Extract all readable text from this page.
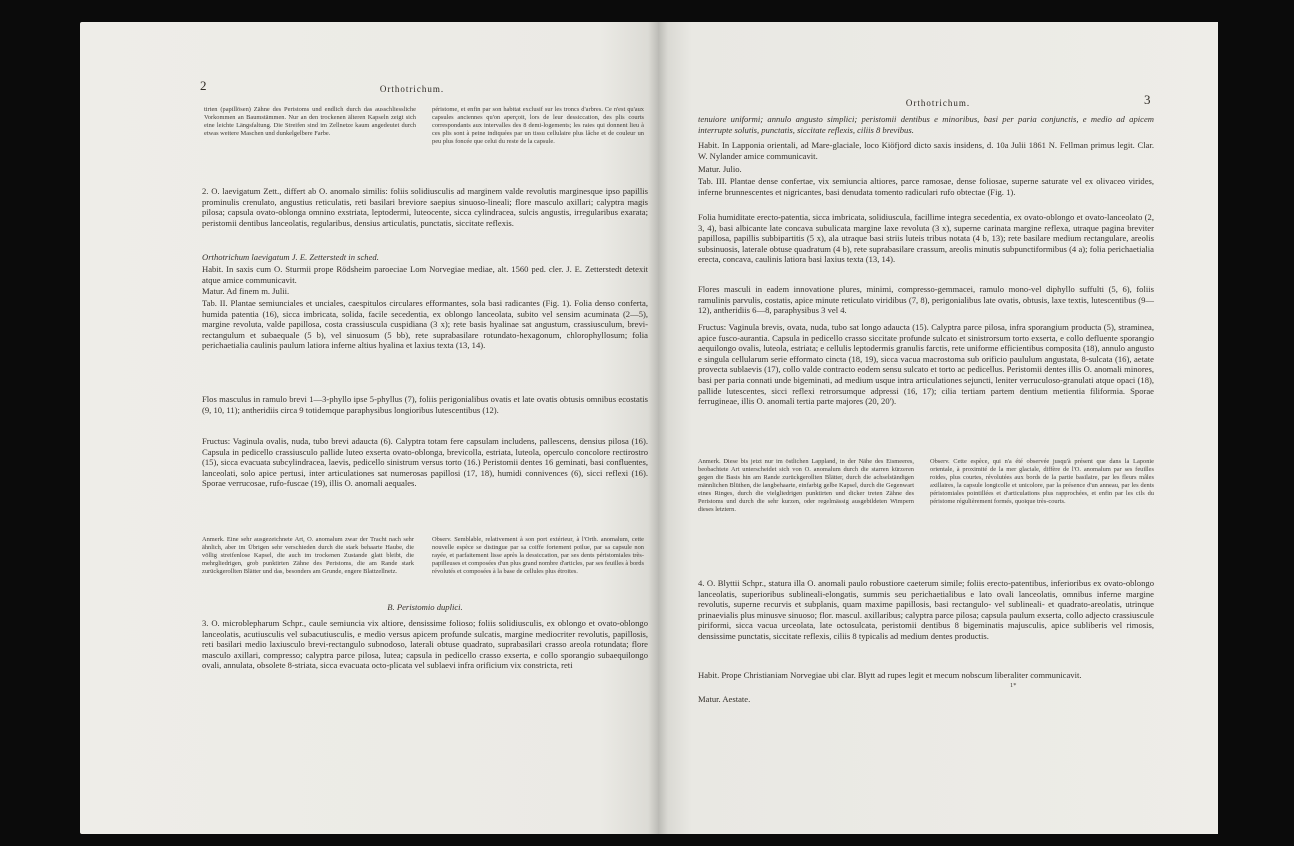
2	Orthotrichum.
tirten (papillösen) Zähne des Peristoms und endlich durch das ausschliessliche Vorkommen an Baumstämmen. Nur an den trockenen älteren Kapseln zeigt sich eine leichte Längsfaltung. Die Streifen sind im Zellnetze kaum angedeutet durch etwas weitere Maschen und dunkelgelbere Farbe.
péristome, et enfin par son habitat exclusif sur les troncs d'arbres. Ce n'est qu'aux capsules anciennes qu'on aperçoit, lors de leur dessiccation, des plis courts correspondants aux intervalles des 8 demi-logements; les raies qui donnent lieu à ces plis sont à peine indiquées par un tissu cellulaire plus lâche et de couleur un peu plus foncée que celui du reste de la capsule.
2. O. laevigatum Zett., differt ab O. anomalo similis: foliis solidiusculis ad marginem valde revolutis marginesque ipso papillis prominulis crenulato, angustius reticulatis, reti basilari breviore saepius sinuoso-lineali; flore masculo axillari; calyptra magis pilosa; capsula ovato-oblonga omnino exstriata, leptodermi, luteocente, sicca cylindracea, sulcis angustis, irregularibus exarata; peristomii dentibus lanceolatis, regularibus, densius articulatis, punctatis, siccitate reflexis.
Orthotrichum laevigatum J. E. Zetterstedt in sched.
Habit. In saxis cum O. Sturmii prope Rödsheim paroeciae Lom Norvegiae mediae, alt. 1560 ped. cler. J. E. Zetterstedt detexit atque amice communicavit.
Matur. Ad finem m. Julii.
Tab. II. Plantae semiunciales et unciales, caespitulos circulares efformantes, sola basi radicantes (Fig. 1). Folia denso conferta, humida patentia (16), sicca imbricata, solida, facile secedentia, ex oblongo lanceolata, subito vel sensim acuminata (2—5), margine revoluta, valde papillosa, costa crassiuscula cuspidiana (3 x); rete basis hyalinae sat angustum, crassiusculum, brevi-rectangulum et subaequale (5 b), vel sinuosum (5 bb), rete suprabasilare rotundato-hexagonum, chlorophyllosum; folia perichaetialia caulinis paulum latiora inferne altius hyalina et laxius texta (13, 14).
Flos masculus in ramulo brevi 1—3-phyllo ipse 5-phyllus (7), foliis perigonialibus ovatis et late ovatis obtusis omnibus ecostatis (9, 10, 11); antheridiis circa 9 totidemque paraphysibus longioribus lutescentibus (12).
Fructus: Vaginula ovalis, nuda, tubo brevi adaucta (6). Calyptra totam fere capsulam includens, pallescens, densius pilosa (16). Capsula in pedicello crassiusculo pallide luteo exserta ovato-oblonga, brevicolla, estriata, luteola, operculo concolore rectirostro (15), sicca evacuata subcylindracea, laevis, pedicello sinistrum versus torto (16.) Peristomii dentes 16 geminati, basi confluentes, lanceolati, solo apice pertusi, inter articulationes sat numerosas papillosi (17, 18), humidi connivences (6), sicci reflexi (16). Sporae verrucosae, rufo-fuscae (19), illis O. anomali aequales.
Anmerk. Eine sehr ausgezeichnete Art, O. anomalum zwar der Tracht nach sehr ähnlich, aber im Übrigen sehr verschieden durch die stark behaarte Haube, die völlig streifenlose Kapsel, die auch im trockenen Zustande glatt bleibt, die mehrgliedrigen, grob punktirten Zähne des Peristoms, die am Rande stark zurückgerollten Blätter und das, besonders am Grunde, engere Blattzellnetz.
Observ. Semblable, relativement à son port extérieur, à l'Orth. anomalum, cette nouvelle espèce se distingue par sa coiffe fortement poilue, par sa capsule non rayée, et parfaitement lisse après la dessiccation, par ses dents péristomiales très-papilleuses et composées d'un plus grand nombre d'articles, par ses feuilles à bords révolutés et composées à la base de cellules plus étroites.
B. Peristomio duplici.
3. O. microblepharum Schpr., caule semiuncia vix altiore, densissime folioso; foliis solidiusculis, ex oblongo et ovato-oblongo lanceolatis, acutiusculis vel subacutiusculis, e medio versus apicem profunde sulcatis, margine mediocriter revolutis, papillosis, reti basilari medio laxiusculo brevi-rectangulo subnodoso, laterali obtuse quadrato, suprabasilari crasso areola rotundata; flore masculo axillari, compresso; calyptra parce pilosa, lutea; capsula in pedicello crasso exserta, e collo sporangio subaequilongo ovali, annulata, obsolete 8-striata, sicca evacuata octo-plicata vel sublaevi infra orificium vix constricta, reti
Orthotrichum.	3
tenuiore uniformi; annulo angusto simplici; peristomii dentibus e minoribus, basi per paria conjunctis, e medio ad apicem interrupte solutis, punctatis, siccitate reflexis, ciliis 8 brevibus.
Habit. In Lapponia orientali, ad Mare-glaciale, loco Kiöfjord dicto saxis insidens, d. 10a Julii 1861 N. Fellman primus legit. Clar. W. Nylander amice communicavit.
Matur. Julio.
Tab. III. Plantae dense confertae, vix semiuncia altiores, parce ramosae, dense foliosae, superne saturate vel ex olivaceo virides, inferne brunnescentes et nigricantes, basi denudata tomento radiculari rufo obtectae (Fig. 1).
Folia humiditate erecto-patentia, sicca imbricata, solidiuscula, facillime integra secedentia, ex ovato-oblongo et ovato-lanceolato (2, 3, 4), basi albicante late concava subulicata margine laxe revoluta (3 x), superne carinata margine reflexa, utraque pagina breviter papillosa, papillis subbipartitis (5 x), ala utraque basi striis luteis tribus notata (4 b, 13); rete basilare medium rectangulare, areolis subsinuosis, laterale obtuse quadratum (4 b), rete suprabasilare crassum, areolis minutis subpunctiformibus (4 a); folia perichaetialia erecta, concava, caulinis latiora basi laxius texta (13, 14).
Flores masculi in eadem innovatione plures, minimi, compresso-gemmacei, ramulo mono-vel diphyllo suffulti (5, 6), foliis ramulinis parvulis, costatis, apice minute reticulato viridibus (7, 8), perigonialibus late ovatis, obtusis, laxe textis, lutescentibus (9—12), antheridiis 6—8, paraphysibus 3 vel 4.
Fructus: Vaginula brevis, ovata, nuda, tubo sat longo adaucta (15). Calyptra parce pilosa, infra sporangium producta (5), straminea, apice fusco-aurantia. Capsula in pedicello crasso siccitate profunde sulcato et sinistrorsum torto exserta, e collo defluente sporangio aequilongo ovalis, luteola, estriata; e cellulis leptodermis granulis farctis, rete uniforme efficientibus composita (18), annulo angusto e singula cellularum serie efformato cincta (18, 19), sicca vacua macrostoma sub orificio paululum angustata, 8-sulcata (16), aetate provecta sublaevis (17), collo valde contracto eodem sensu sulcato et torto ac pedicellus. Peristomii dentes illis O. anomali minores, basi per paria connati unde bigeminati, ad medium usque intra articulationes sejuncti, leniter verruculoso-granulati atque opaci (18), pallide lutescentes, sicci reflexi retrorsumque adpressi (16, 17); cilia tertiam partem dentium metientia filiformia. Sporae ferrugineae, illis O. anomali tertia parte majores (20, 20').
Anmerk. Diese bis jetzt nur im östlichen Lappland, in der Nähe des Eismeeres, beobachtete Art unterscheidet sich von O. anomalum durch die starren kürzeren gegen die Basis hin am Rande zurückgerollten Blätter, durch die achselständigen männlichen Blüthen, die langbehaarte, einfarbig gelbe Kapsel, durch die Gegenwart eines Ringes, durch die vielgliedrigen punktirten und dicker treten Zähne des Peristoms und durch die sehr kurzen, oder regelmässig ausgebildeten Wimpern dieses letztern.
Observ. Cette espèce, qui n'a été observée jusqu'à présent que dans la Laponie orientale, à proximité de la mer glaciale, diffère de l'O. anomalum par ses feuilles roides, plus courtes, révolutées aux bords de la partie basilaire, par les fleurs mâles axillaires, la capsule longicolle et unicolore, par la présence d'un anneau, par les dents péristomiales pointillées et d'articulations plus rapprochées, et enfin par les cils du péristome régulièrement formés, quoique très-courts.
4. O. Blyttii Schpr., statura illa O. anomali paulo robustiore caeterum simile; foliis erecto-patentibus, inferioribus ex ovato-oblongo lanceolatis, superioribus sublineali-elongatis, summis seu perichaetialibus e lato ovali lanceolatis, omnibus inferne margine revolutis, superne recurvis et subplanis, quam maxime papillosis, basi rectangulo- vel sublineali- et quadrato-areolatis, utrinque prinaevialis plus minusve sinuoso; flor. mascul. axillaribus; calyptra parce pilosa; capsula paulum exserta, collo adjecto crassiuscule piriformi, sicca vacua urceolata, late octosulcata, peristomii dentibus 8 bigeminatis majusculis, apice subliberis vel rimosis, densissime punctatis, siccitate reflexis, ciliis 8 typicalis ad medium dentes productis.
Habit. Prope Christianiam Norvegiae ubi clar. Blytt ad rupes legit et mecum nobscum liberaliter communicavit.
Matur. Aestate.
1*
